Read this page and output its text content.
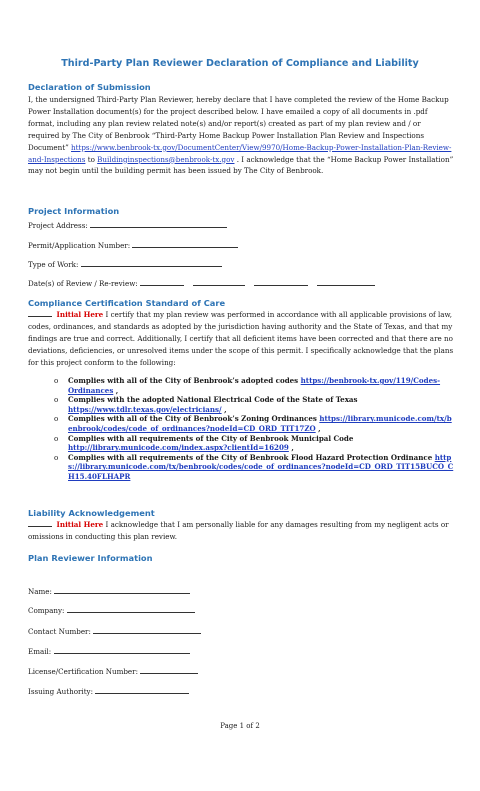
Third-Party Plan Reviewer Declaration of Compliance and Liability
Declaration of Submission
I, the undersigned Third-Party Plan Reviewer, hereby declare that I have completed the review of the Home Backup Power Installation document(s) for the project described below. I have emailed a copy of all documents in .pdf format, including any plan review related note(s) and/or report(s) created as part of my plan review and / or required by The City of Benbrook “Third-Party Home Backup Power Installation Plan Review and Inspections Document” https://www.benbrook-tx.gov/DocumentCenter/View/9970/Home-Backup-Power-Installation-Plan-Review-and-Inspections to Buildinginspections@benbrook-tx.gov . I acknowledge that the “Home Backup Power Installation” may not begin until the building permit has been issued by The City of Benbrook.
Project Information
Project Address:
Permit/Application Number:
Type of Work:
Date(s) of Review / Re-review:
Compliance Certification Standard of Care
Initial Here I certify that my plan review was performed in accordance with all applicable provisions of law, codes, ordinances, and standards as adopted by the jurisdiction having authority and the State of Texas, and that my findings are true and correct. Additionally, I certify that all deficient items have been corrected and that there are no deviations, deficiencies, or unresolved items under the scope of this permit. I specifically acknowledge that the plans for this project conform to the following:
o Complies with all of the City of Benbrook’s adopted codes https://benbrook-tx.gov/119/Codes-Ordinances ,
o Complies with the adopted National Electrical Code of the State of Texas https://www.tdlr.texas.gov/electricians/ ,
o Complies with all of the City of Benbrook’s Zoning Ordinances https://library.municode.com/tx/benbrook/codes/code_of_ordinances?nodeId=CD_ORD_TIT17ZO ,
o Complies with all requirements of the City of Benbrook Municipal Code http://library.municode.com/index.aspx?clientId=16209 ,
o Complies with all requirements of the City of Benbrook Flood Hazard Protection Ordinance https://library.municode.com/tx/benbrook/codes/code_of_ordinances?nodeId=CD_ORD_TIT15BUCO_CH15.40FLHAPR
Liability Acknowledgement
Initial Here I acknowledge that I am personally liable for any damages resulting from my negligent acts or omissions in conducting this plan review.
Plan Reviewer Information
Name:
Company:
Contact Number:
Email:
License/Certification Number:
Issuing Authority:
Page 1 of 2
